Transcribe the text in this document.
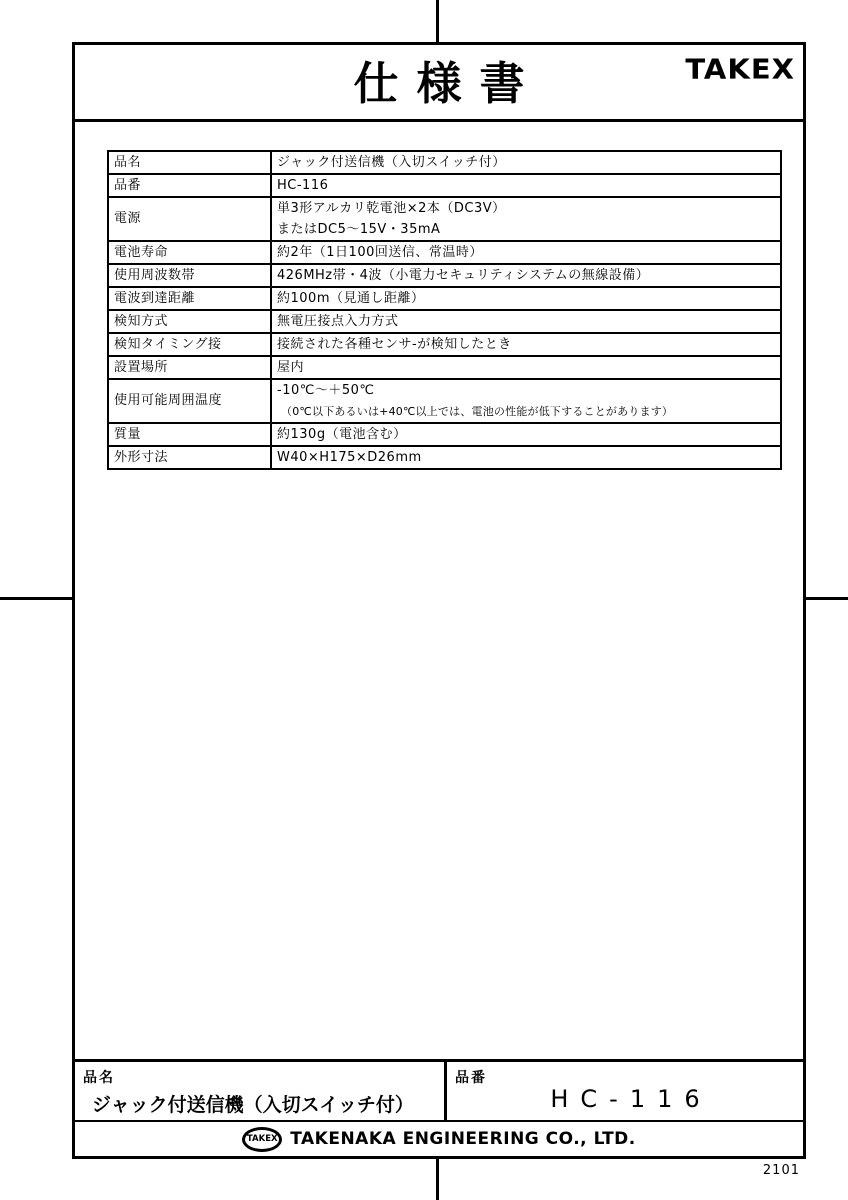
仕様書	TAKEX
品名	ジャック付送信機（入切スイッチ付）

品番	HC-116

電源	単3形アルカリ乾電池×2本（DC3V）
またはDC5～15V・35mA

電池寿命	約2年（1日100回送信、常温時）

使用周波数帯	426MHz帯・4波（小電力セキュリティシステムの無線設備）

電波到達距離	約100m（見通し距離）

検知方式	無電圧接点入力方式

検知タイミング接	接続された各種センサ-が検知したとき

設置場所	屋内

使用可能周囲温度	-10℃～＋50℃
（0℃以下あるいは+40℃以上では、電池の性能が低下することがあります）

質量	約130g（電池含む）

外形寸法	W40×H175×D26mm
品名
ジャック付送信機（入切スイッチ付）
品番
HC-116
TAKEX TAKENAKA ENGINEERING CO., LTD.
2101
